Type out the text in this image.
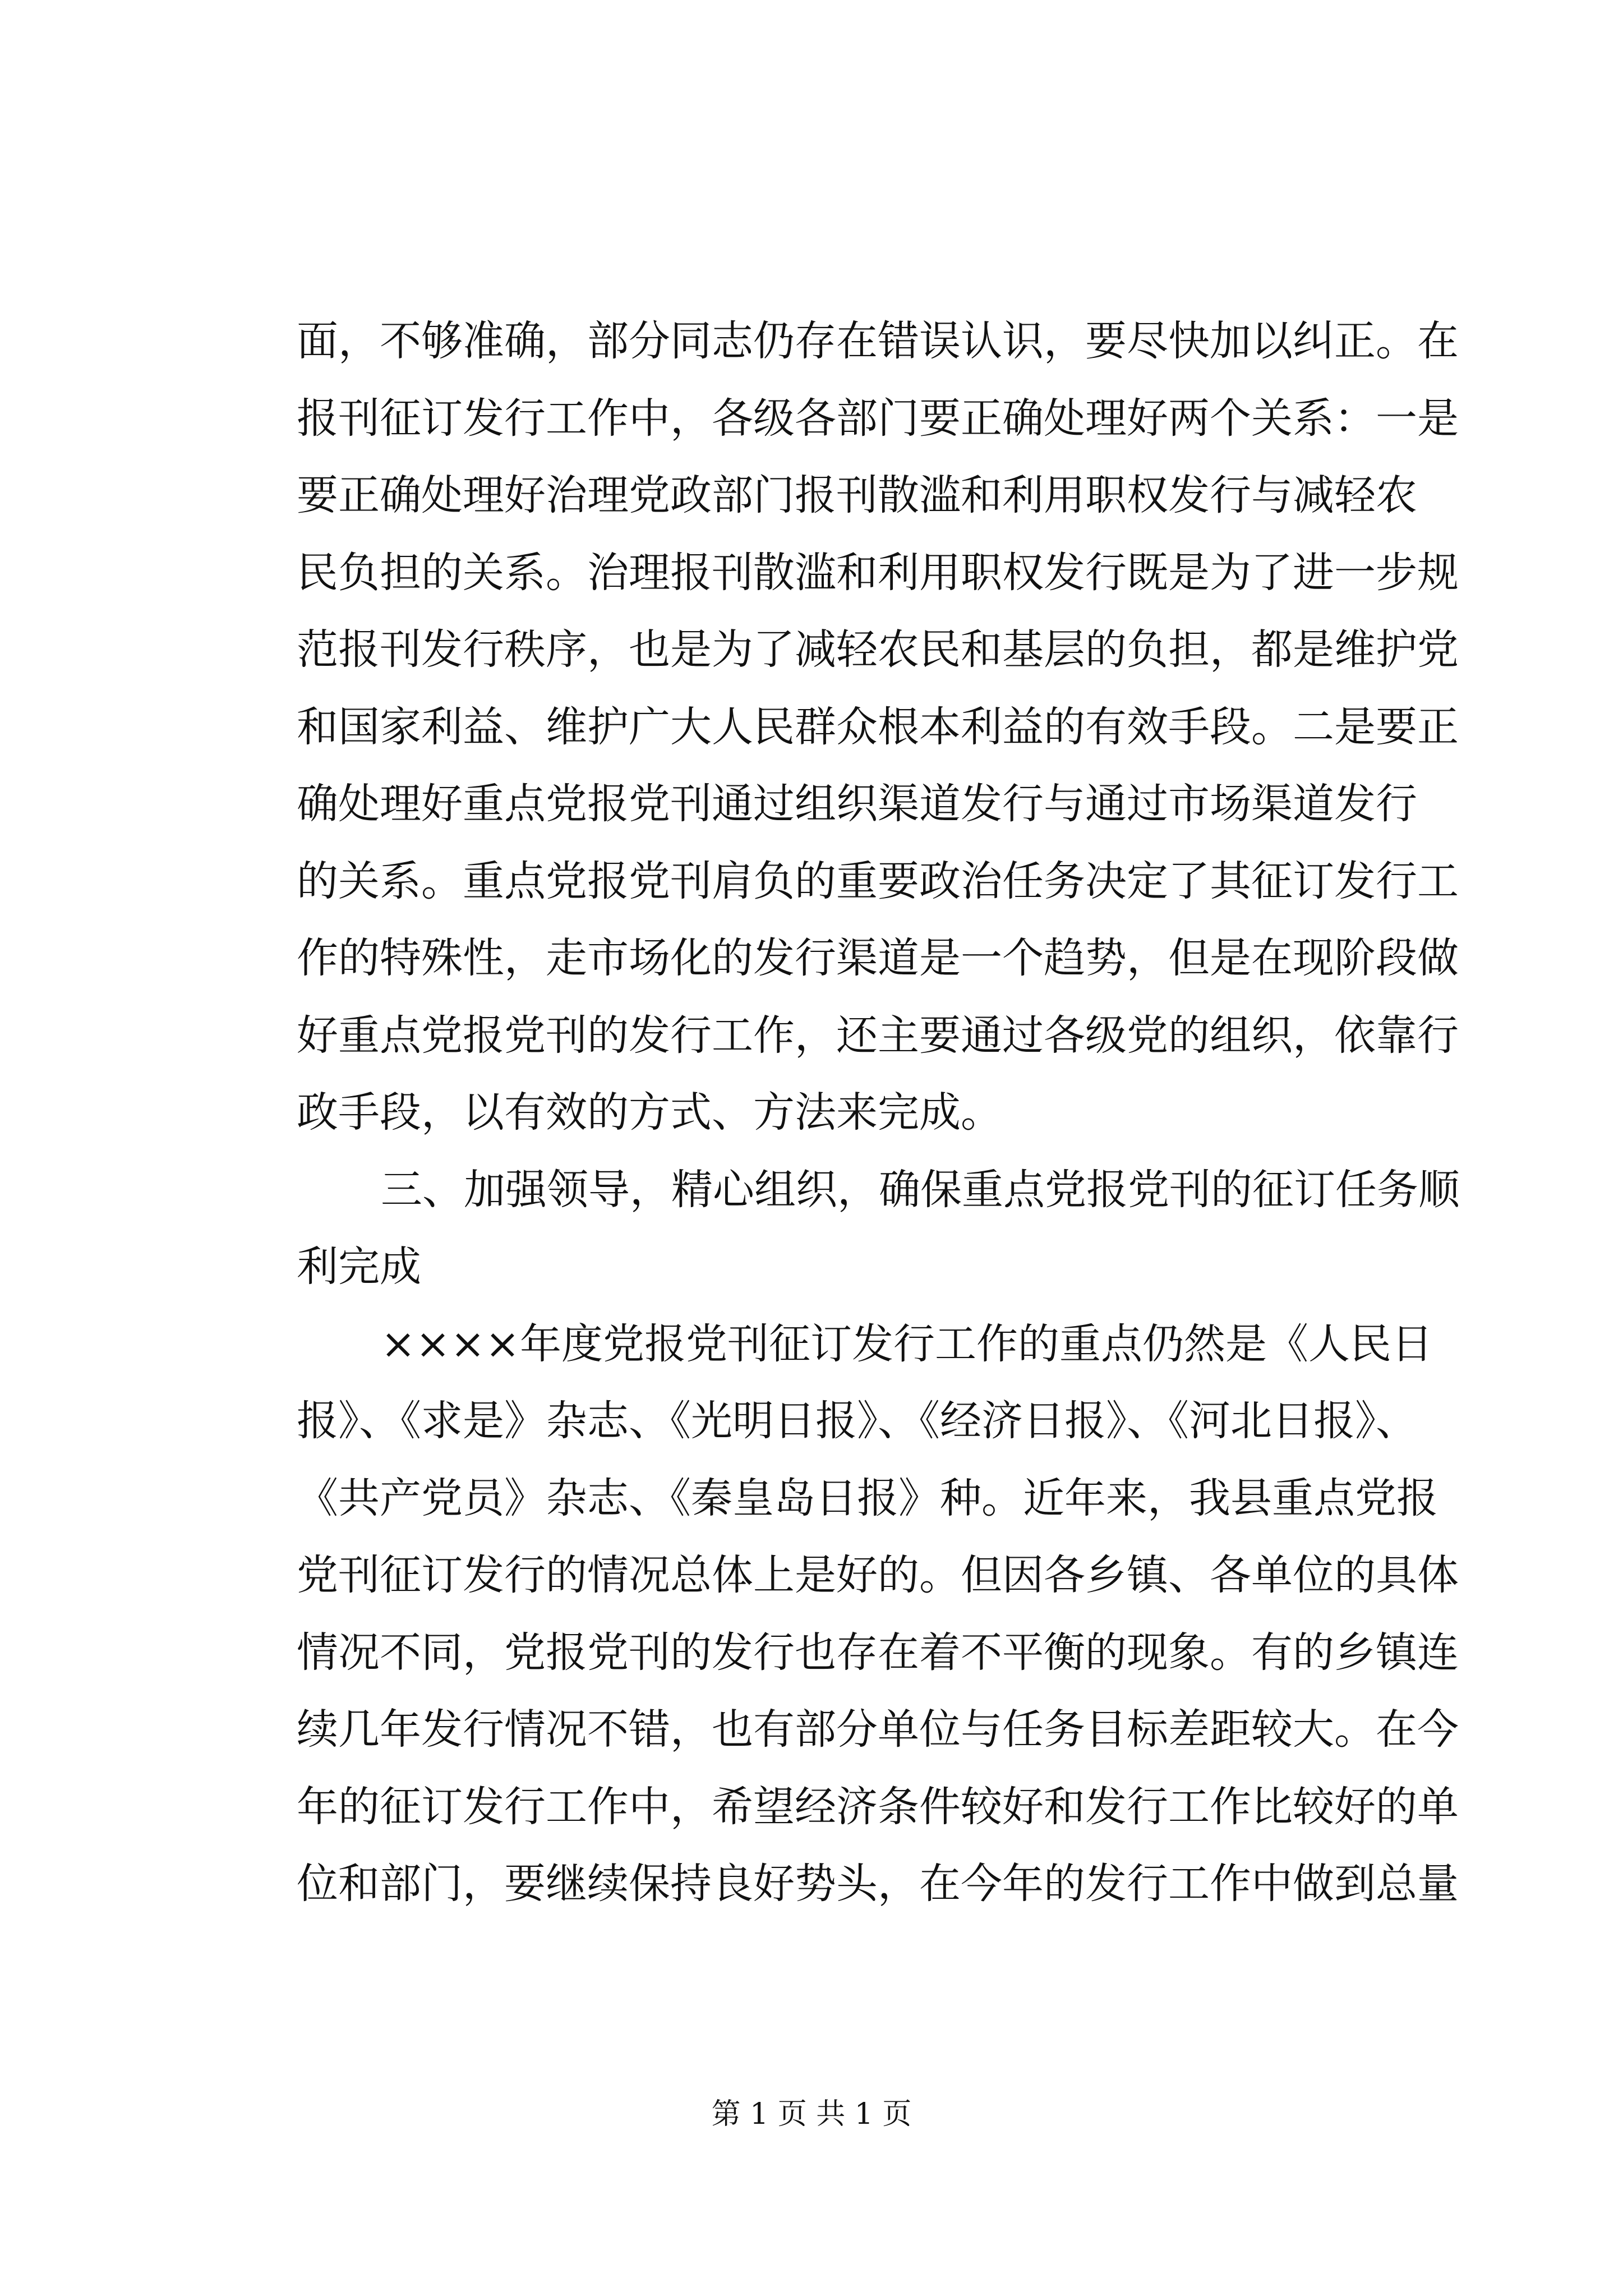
面，不够准确，部分同志仍存在错误认识，要尽快加以纠正。在
报刊征订发行工作中，各级各部门要正确处理好两个关系：一是
要正确处理好治理党政部门报刊散滥和利用职权发行与减轻农
民负担的关系。治理报刊散滥和利用职权发行既是为了进一步规
范报刊发行秩序，也是为了减轻农民和基层的负担，都是维护党
和国家利益、维护广大人民群众根本利益的有效手段。二是要正
确处理好重点党报党刊通过组织渠道发行与通过市场渠道发行
的关系。重点党报党刊肩负的重要政治任务决定了其征订发行工
作的特殊性，走市场化的发行渠道是一个趋势，但是在现阶段做
好重点党报党刊的发行工作，还主要通过各级党的组织，依靠行
政手段，以有效的方式、方法来完成。
三、加强领导，精心组织，确保重点党报党刊的征订任务顺
利完成
××××年度党报党刊征订发行工作的重点仍然是《人民日
报》、《求是》杂志、《光明日报》、《经济日报》、《河北日报》、
《共产党员》杂志、《秦皇岛日报》种。近年来，我县重点党报
党刊征订发行的情况总体上是好的。但因各乡镇、各单位的具体
情况不同，党报党刊的发行也存在着不平衡的现象。有的乡镇连
续几年发行情况不错，也有部分单位与任务目标差距较大。在今
年的征订发行工作中，希望经济条件较好和发行工作比较好的单
位和部门，要继续保持良好势头，在今年的发行工作中做到总量
第 1 页 共 1 页
